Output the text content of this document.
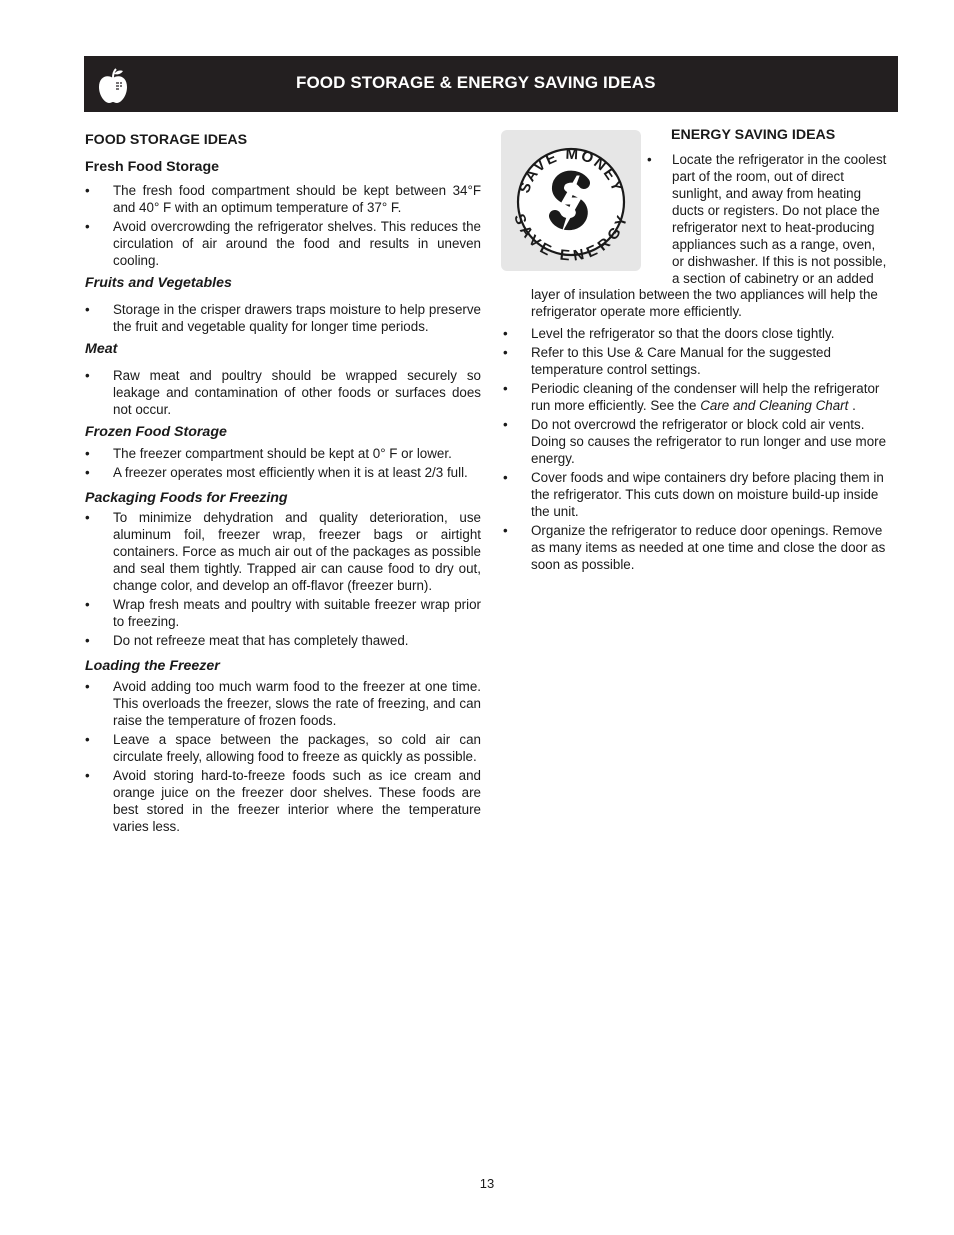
FOOD STORAGE & ENERGY SAVING IDEAS
FOOD STORAGE IDEAS
Fresh Food Storage
• The fresh food compartment should be kept between 34°F and 40° F with an optimum temperature of 37° F.
• Avoid overcrowding the refrigerator shelves. This reduces the circulation of air around the food and results in uneven cooling.
Fruits and Vegetables
• Storage in the crisper drawers traps moisture to help preserve the fruit and vegetable quality for longer time periods.
Meat
• Raw meat and poultry should be wrapped securely so leakage and contamination of other foods or surfaces does not occur.
Frozen Food Storage
• The freezer compartment should be kept at 0° F or lower.
• A freezer operates most efficiently when it is at least 2/3 full.
Packaging Foods for Freezing
• To minimize dehydration and quality deterioration, use aluminum foil, freezer wrap, freezer bags or airtight containers. Force as much air out of the packages as possible and seal them tightly. Trapped air can cause food to dry out, change color, and develop an off-flavor (freezer burn).
• Wrap fresh meats and poultry with suitable freezer wrap prior to freezing.
• Do not refreeze meat that has completely thawed.
Loading the Freezer
• Avoid adding too much warm food to the freezer at one time. This overloads the freezer, slows the rate of freezing, and can raise the temperature of frozen foods.
• Leave a space between the packages, so cold air can circulate freely, allowing food to freeze as quickly as possible.
• Avoid storing hard-to-freeze foods such as ice cream and orange juice on the freezer door shelves. These foods are best stored in the freezer interior where the temperature varies less.
SAVE MONEY
SAVE ENERGY
ENERGY SAVING IDEAS
• Locate the refrigerator in the coolest
part of the room, out of direct
sunlight, and away from heating
ducts or registers. Do not place the
refrigerator next to heat-producing
appliances such as a range, oven,
or dishwasher. If this is not possible,
a section of cabinetry or an added
layer of insulation between the two appliances will help the refrigerator operate more efficiently.
• Level the refrigerator so that the doors close tightly.
• Refer to this Use & Care Manual for the suggested temperature control settings.
• Periodic cleaning of the condenser will help the refrigerator run more efficiently. See the Care and Cleaning Chart .
• Do not overcrowd the refrigerator or block cold air vents. Doing so causes the refrigerator to run longer and use more energy.
• Cover foods and wipe containers dry before placing them in the refrigerator. This cuts down on moisture build-up inside the unit.
• Organize the refrigerator to reduce door openings. Remove as many items as needed at one time and close the door as soon as possible.
13
